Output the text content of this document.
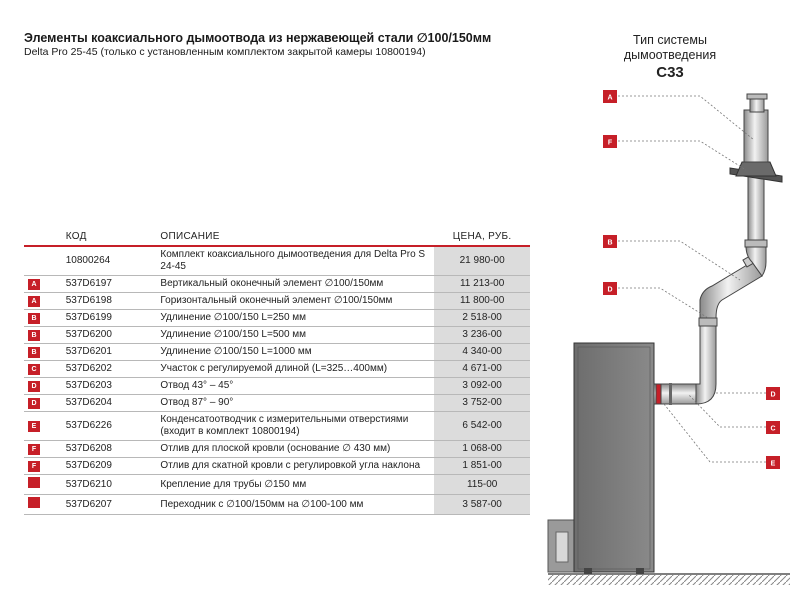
Элементы коаксиального дымоотвода из нержавеющей стали ∅100/150мм
Delta Pro 25-45 (только с установленным комплектом закрытой камеры 10800194)
	КОД	ОПИСАНИЕ	ЦЕНА, РУБ.
	10800264	Комплект коаксиального дымоотведения для Delta Pro S 24-45	21 980-00
A	537D6197	Вертикальный оконечный элемент ∅100/150мм	11 213-00
A	537D6198	Горизонтальный оконечный элемент ∅100/150мм	11 800-00
B	537D6199	Удлинение ∅100/150 L=250 мм	2 518-00
B	537D6200	Удлинение ∅100/150 L=500 мм	3 236-00
B	537D6201	Удлинение ∅100/150 L=1000 мм	4 340-00
C	537D6202	Участок с регулируемой длиной (L=325…400мм)	4 671-00
D	537D6203	Отвод 43° – 45°	3 092-00
D	537D6204	Отвод 87° – 90°	3 752-00
E	537D6226	Конденсатоотводчик с измерительными отверстиями (входит в комплект 10800194)	6 542-00
F	537D6208	Отлив для плоской кровли (основание ∅ 430 мм)	1 068-00
F	537D6209	Отлив для скатной кровли с регулировкой угла наклона	1 851-00
	537D6210	Крепление для трубы ∅150 мм	115-00
	537D6207	Переходник с ∅100/150мм на ∅100-100 мм	3 587-00
Тип системы
дымоотведения
C33
A
F
B
D
D
C
E
